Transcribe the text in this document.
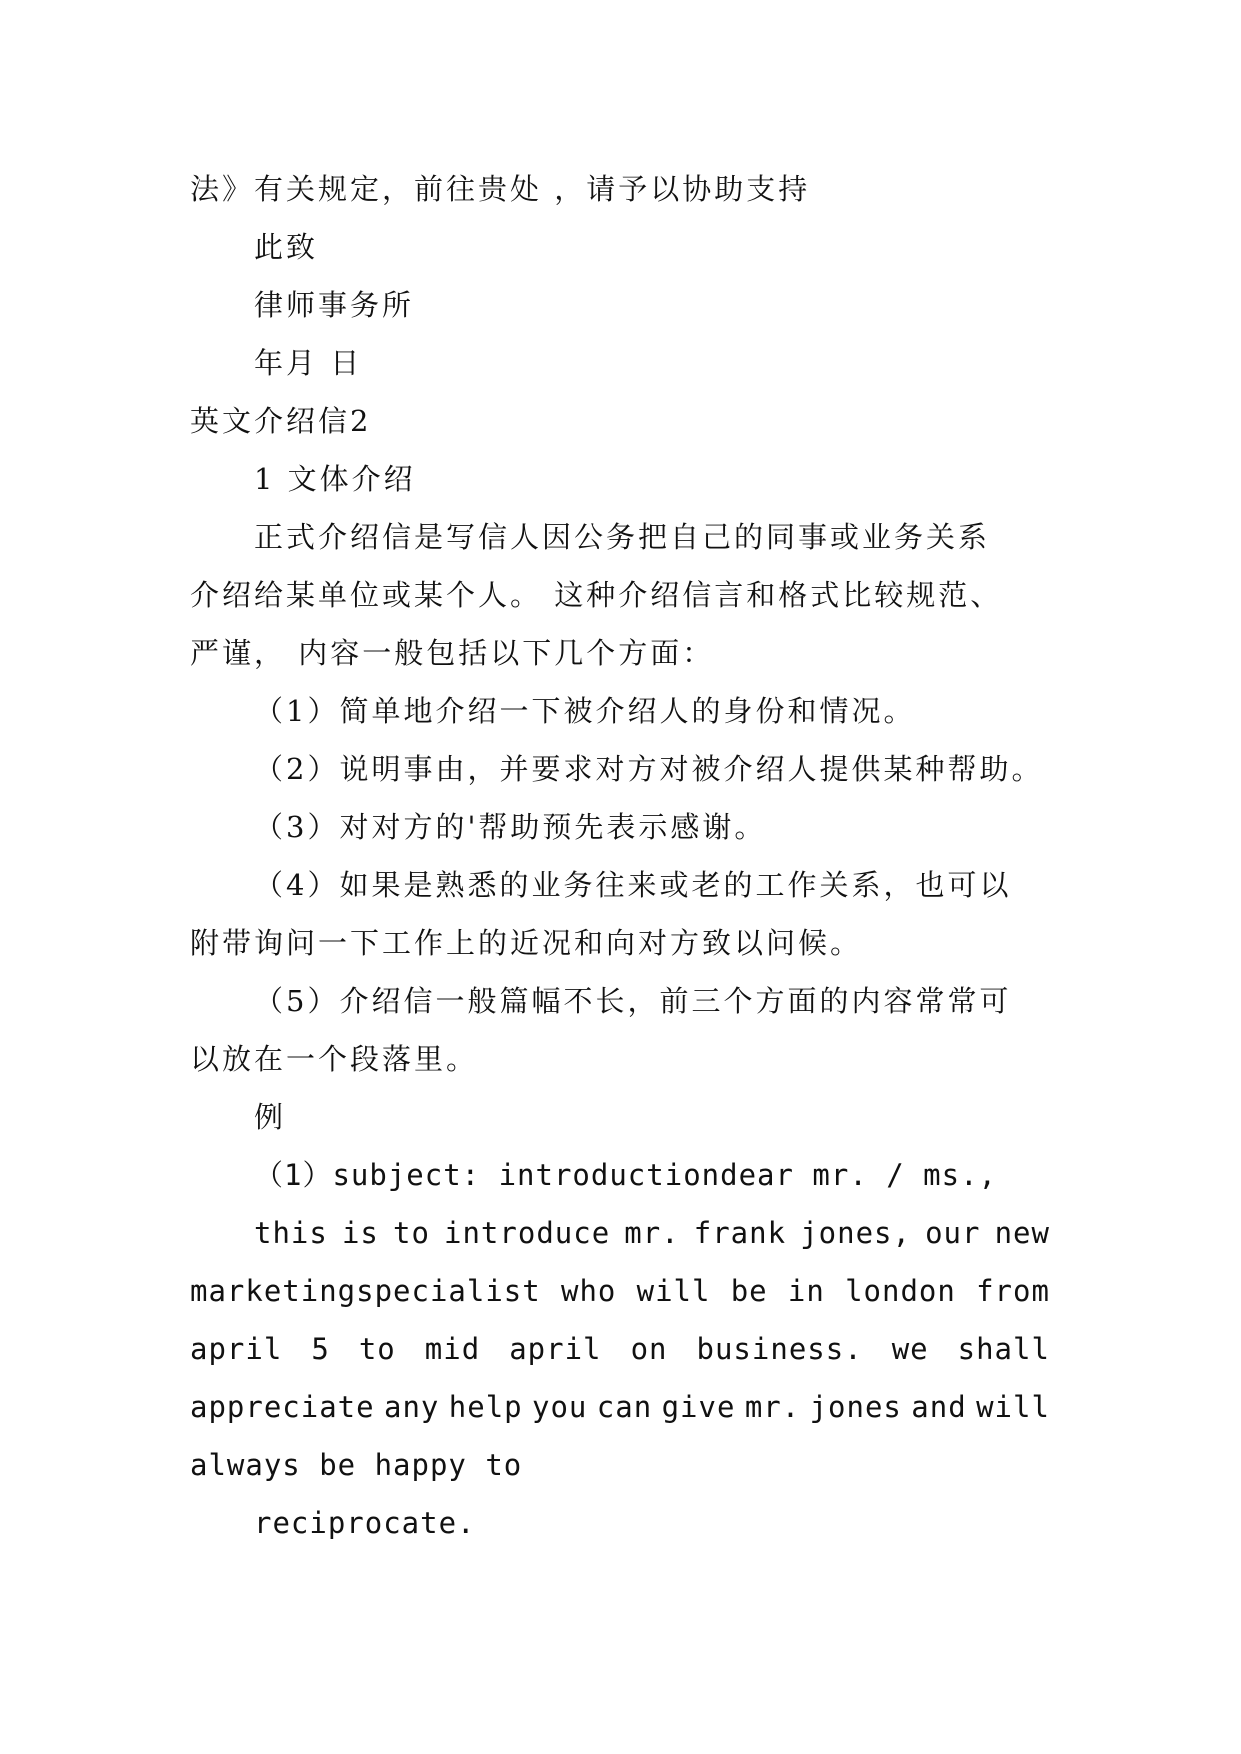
法》有关规定，前往贵处 ，请予以协助支持
此致
律师事务所
年月 日
英文介绍信2
1 文体介绍
正式介绍信是写信人因公务把自己的同事或业务关系
介绍给某单位或某个人。 这种介绍信言和格式比较规范、
严谨， 内容一般包括以下几个方面：
（1）简单地介绍一下被介绍人的身份和情况。
（2）说明事由，并要求对方对被介绍人提供某种帮助。
（3）对对方的'帮助预先表示感谢。
（4）如果是熟悉的业务往来或老的工作关系，也可以
附带询问一下工作上的近况和向对方致以问候。
（5）介绍信一般篇幅不长，前三个方面的内容常常可
以放在一个段落里。
例
（1）subject: introductiondear mr. / ms.,
this is to introduce mr. frank jones, our new
marketingspecialist who will be in london from
april 5 to mid april on business. we shall
appreciate any help you can give mr. jones and will
always be happy to
reciprocate.
